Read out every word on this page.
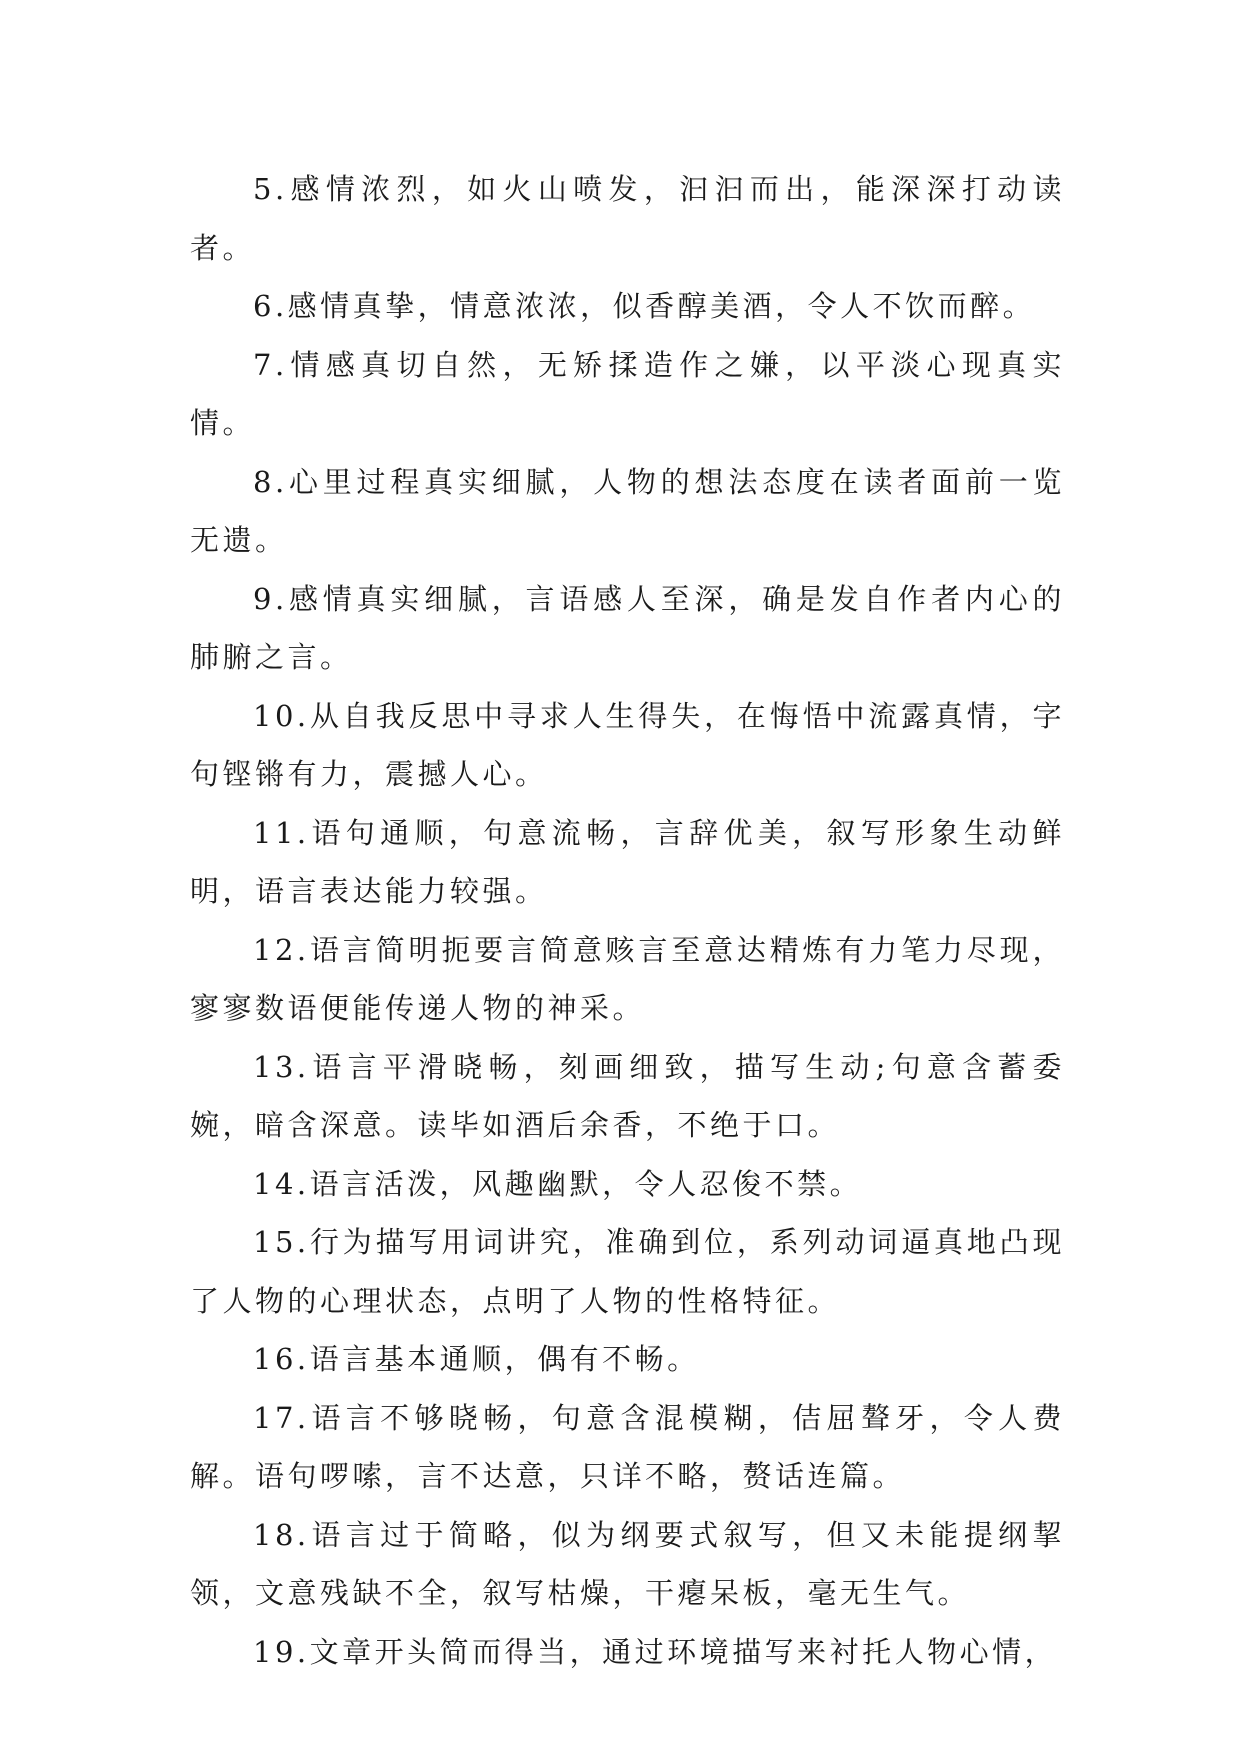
5.感情浓烈，如火山喷发，汩汩而出，能深深打动读者。

6.感情真挚，情意浓浓，似香醇美酒，令人不饮而醉。

7.情感真切自然，无矫揉造作之嫌，以平淡心现真实情。

8.心里过程真实细腻，人物的想法态度在读者面前一览无遗。

9.感情真实细腻，言语感人至深，确是发自作者内心的肺腑之言。

10.从自我反思中寻求人生得失，在悔悟中流露真情，字句铿锵有力，震撼人心。

11.语句通顺，句意流畅，言辞优美，叙写形象生动鲜明，语言表达能力较强。

12.语言简明扼要言简意赅言至意达精炼有力笔力尽现，寥寥数语便能传递人物的神采。

13.语言平滑晓畅，刻画细致，描写生动;句意含蓄委婉，暗含深意。读毕如酒后余香，不绝于口。

14.语言活泼，风趣幽默，令人忍俊不禁。

15.行为描写用词讲究，准确到位，系列动词逼真地凸现了人物的心理状态，点明了人物的性格特征。

16.语言基本通顺，偶有不畅。

17.语言不够晓畅，句意含混模糊，佶屈聱牙，令人费解。语句啰嗦，言不达意，只详不略，赘话连篇。

18.语言过于简略，似为纲要式叙写，但又未能提纲挈领，文意残缺不全，叙写枯燥，干瘪呆板，毫无生气。

19.文章开头简而得当，通过环境描写来衬托人物心情，
